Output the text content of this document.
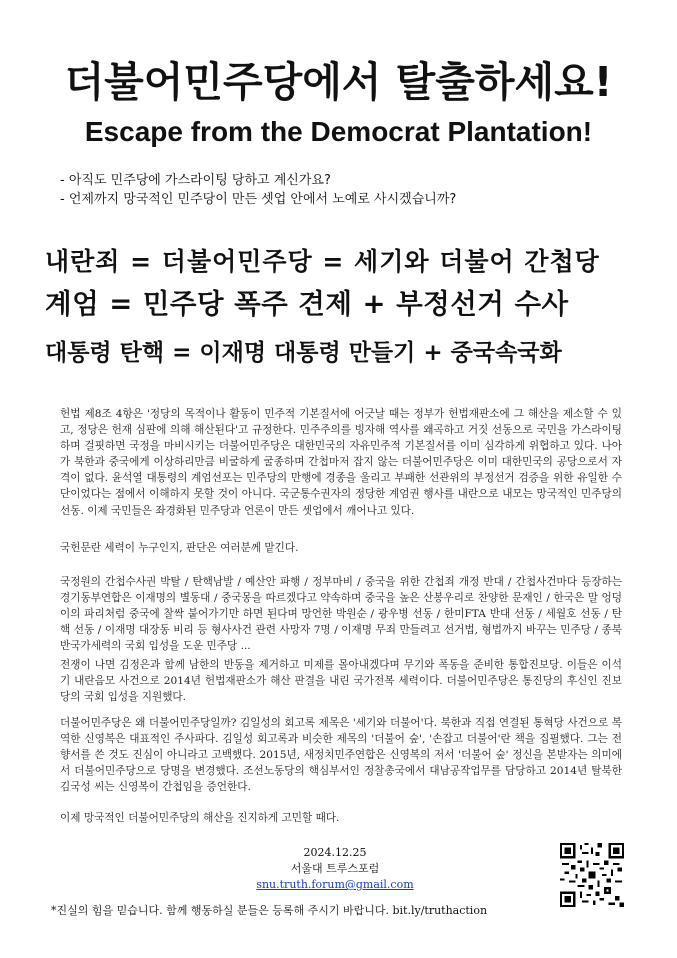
더불어민주당에서 탈출하세요!
Escape from the Democrat Plantation!
- 아직도 민주당에 가스라이팅 당하고 계신가요?
- 언제까지 망국적인 민주당이 만든 셋업 안에서 노예로 사시겠습니까?
내란죄 = 더불어민주당 = 세기와 더불어 간첩당
계엄 = 민주당 폭주 견제 + 부정선거 수사
대통령 탄핵 = 이재명 대통령 만들기 + 중국속국화
헌법 제8조 4항은 '정당의 목적이나 활동이 민주적 기본질서에 어긋날 때는 정부가 헌법재판소에 그 해산을 제소할 수 있고, 정당은 헌재 심판에 의해 해산된다'고 규정한다. 민주주의를 빙자해 역사를 왜곡하고 거짓 선동으로 국민을 가스라이팅하며 걸핏하면 국정을 마비시키는 더불어민주당은 대한민국의 자유민주적 기본질서를 이미 심각하게 위협하고 있다. 나아가 북한과 중국에게 이상하리만큼 비굴하게 굴종하며 간첩마저 잡지 않는 더불어민주당은 이미 대한민국의 공당으로서 자격이 없다. 윤석열 대통령의 계엄선포는 민주당의 만행에 경종을 울리고 부패한 선관위의 부정선거 검증을 위한 유일한 수단이었다는 점에서 이해하지 못할 것이 아니다. 국군통수권자의 정당한 계엄권 행사를 내란으로 내모는 망국적인 민주당의 선동. 이제 국민들은 좌경화된 민주당과 언론이 만든 셋업에서 깨어나고 있다.
국헌문란 세력이 누구인지, 판단은 여러분께 맡긴다.
국정원의 간첩수사권 박탈 / 탄핵남발 / 예산안 파행 / 정부마비 / 중국을 위한 간첩죄 개정 반대 / 간첩사건마다 등장하는 경기동부연합은 이재명의 별동대 / 중국몽을 따르겠다고 약속하며 중국을 높은 산봉우리로 찬양한 문재인 / 한국은 말 엉덩이의 파리처럼 중국에 찰싹 붙어가기만 하면 된다며 망언한 박원순 / 광우병 선동 / 한미FTA 반대 선동 / 세월호 선동 / 탄핵 선동 / 이재명 대장동 비리 등 형사사건 관련 사망자 7명 / 이재명 무죄 만들려고 선거법, 형법까지 바꾸는 민주당 / 종북 반국가세력의 국회 입성을 도운 민주당 ...
전쟁이 나면 김정은과 함께 남한의 반동을 제거하고 미제를 몰아내겠다며 무기와 폭동을 준비한 통합진보당. 이들은 이석기 내란음모 사건으로 2014년 헌법재판소가 해산 판결을 내린 국가전복 세력이다. 더불어민주당은 통진당의 후신인 진보당의 국회 입성을 지원했다.
더불어민주당은 왜 더불어민주당일까? 김일성의 회고록 제목은 '세기와 더불어'다. 북한과 직접 연결된 통혁당 사건으로 복역한 신영복은 대표적인 주사파다. 김일성 회고록과 비슷한 제목의 '더불어 숲', '손잡고 더불어'란 책을 집필했다. 그는 전향서를 쓴 것도 진심이 아니라고 고백했다. 2015년, 새정치민주연합은 신영복의 저서 '더불어 숲' 정신을 본받자는 의미에서 더불어민주당으로 당명을 변경했다. 조선노동당의 핵심부서인 정찰총국에서 대남공작업무를 담당하고 2014년 탈북한 김국성 씨는 신영복이 간첩임을 증언한다.
이제 망국적인 더불어민주당의 해산을 진지하게 고민할 때다.
2024.12.25
서울대 트루스포럼
snu.truth.forum@gmail.com
*진실의 힘을 믿습니다. 함께 행동하실 분들은 등록해 주시기 바랍니다. bit.ly/truthaction
